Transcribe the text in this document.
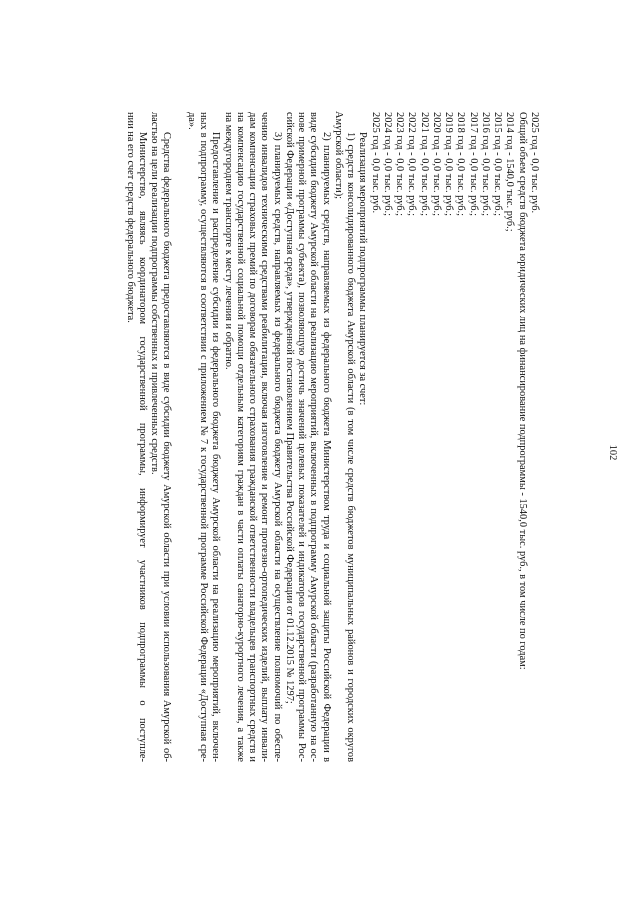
102
2025 год - 0,0 тыс. руб.
Общий объем средств бюджета юридических лиц на финансирование подпрограммы - 1540,0 тыс. руб., в том числе по годам:
2014 год - 1540,0 тыс. руб.;
2015 год - 0,0 тыс. руб.;
2016 год - 0,0 тыс. руб.;
2017 год - 0,0 тыс. руб.;
2018 год - 0,0 тыс. руб.;
2019 год - 0,0 тыс. руб.;
2020 год - 0,0 тыс. руб.;
2021 год - 0,0 тыс. руб.;
2022 год - 0,0 тыс. руб.;
2023 год - 0,0 тыс. руб.;
2024 год - 0,0 тыс. руб.;
2025 год - 0,0 тыс. руб.
Реализация мероприятий подпрограммы планируется за счет:
1) средств консолидированного бюджета Амурской области (в том числе средств бюджетов муниципальных районов и городских округов
Амурской области);
2) планируемых средств, направляемых из федерального бюджета Министерством труда и социальной защиты Российской Федерации в
виде субсидии бюджету Амурской области на реализацию мероприятий, включенных в подпрограмму Амурской области (разработанную на ос-
нове примерной программы субъекта), позволяющую достичь значений целевых показателей и индикаторов государственной программы Рос-
сийской Федерации «Доступная среда», утвержденной постановлением Правительства Российской Федерации от 01.12.2015 № 1297;
3) планируемых средств, направляемых из федерального бюджета бюджету Амурской области на осуществление полномочий по обеспе-
чению инвалидов техническими средствами реабилитации, включая изготовление и ремонт протезно-ортопедических изделий, выплату инвали-
дам компенсации страховых премий по договорам обязательного страхования гражданской ответственности владельцев транспортных средств и
на компенсацию государственной социальной помощи отдельным категориям граждан в части оплаты санаторно-курортного лечения, а также
на междугороднем транспорте к месту лечения и обратно.
Предоставление и распределение субсидии из федерального бюджета бюджету Амурской области на реализацию мероприятий, включен-
ных в подпрограмму, осуществляются в соответствии с приложением № 7 к государственной программе Российской Федерации «Доступная сре-
да».
Средства федерального бюджета предоставляются в виде субсидии бюджету Амурской области при условии использования Амурской об-
ластью на цели реализации подпрограммы собственных и привлеченных средств.
Министерство, являясь координатором государственной программы, информирует участников подпрограммы о поступле-
нии на его счет средств федерального бюджета.
